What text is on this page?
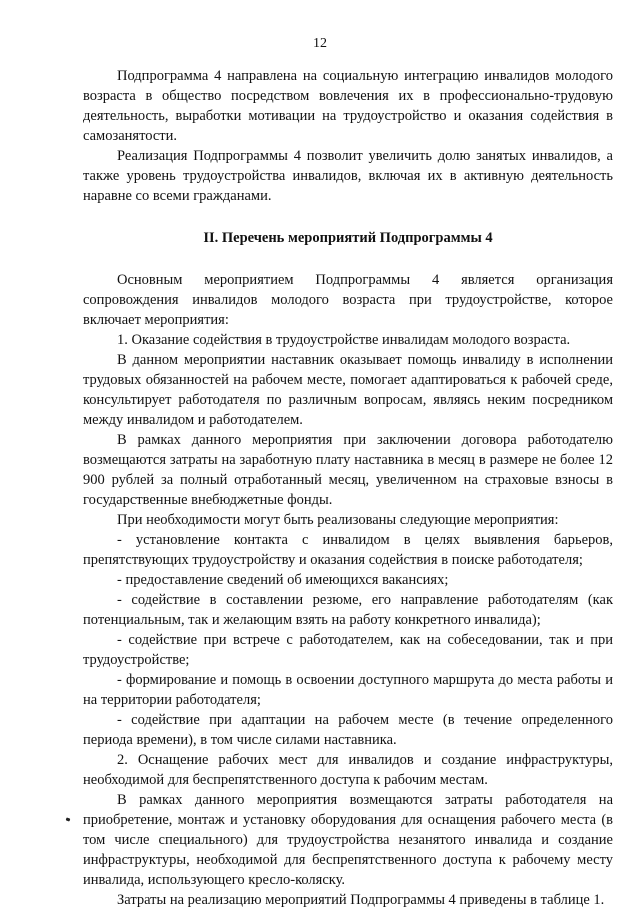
12

Подпрограмма 4 направлена на социальную интеграцию инвалидов молодого возраста в общество посредством вовлечения их в профессионально-трудовую деятельность, выработки мотивации на трудоустройство и оказания содействия в самозанятости.

Реализация Подпрограммы 4 позволит увеличить долю занятых инвалидов, а также уровень трудоустройства инвалидов, включая их в активную деятельность наравне со всеми гражданами.

II. Перечень мероприятий Подпрограммы 4

Основным мероприятием Подпрограммы 4 является организация сопровождения инвалидов молодого возраста при трудоустройстве, которое включает мероприятия:

1. Оказание содействия в трудоустройстве инвалидам молодого возраста.

В данном мероприятии наставник оказывает помощь инвалиду в исполнении трудовых обязанностей на рабочем месте, помогает адаптироваться к рабочей среде, консультирует работодателя по различным вопросам, являясь неким посредником между инвалидом и работодателем.

В рамках данного мероприятия при заключении договора работодателю возмещаются затраты на заработную плату наставника в месяц в размере не более 12 900 рублей за полный отработанный месяц, увеличенном на страховые взносы в государственные внебюджетные фонды.

При необходимости могут быть реализованы следующие мероприятия:

- установление контакта с инвалидом в целях выявления барьеров, препятствующих трудоустройству и оказания содействия в поиске работодателя;

- предоставление сведений об имеющихся вакансиях;

- содействие в составлении резюме, его направление работодателям (как потенциальным, так и желающим взять на работу конкретного инвалида);

- содействие при встрече с работодателем, как на собеседовании, так и при трудоустройстве;

- формирование и помощь в освоении доступного маршрута до места работы и на территории работодателя;

- содействие при адаптации на рабочем месте (в течение определенного периода времени), в том числе силами наставника.

2. Оснащение рабочих мест для инвалидов и создание инфраструктуры, необходимой для беспрепятственного доступа к рабочим местам.

В рамках данного мероприятия возмещаются затраты работодателя на приобретение, монтаж и установку оборудования для оснащения рабочего места (в том числе специального) для трудоустройства незанятого инвалида и создание инфраструктуры, необходимой для беспрепятственного доступа к рабочему месту инвалида, использующего кресло-коляску.

Затраты на реализацию мероприятий Подпрограммы 4 приведены в таблице 1.
